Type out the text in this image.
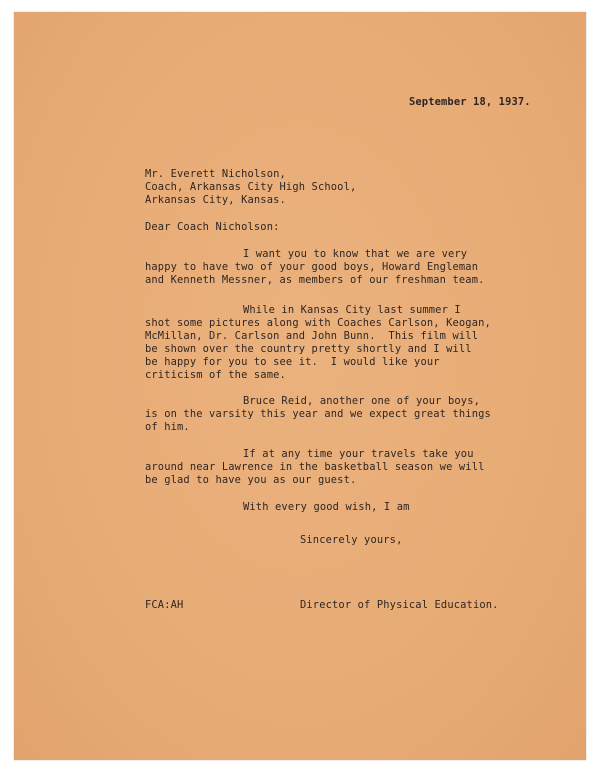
September 18, 1937.
Mr. Everett Nicholson,
Coach, Arkansas City High School,
Arkansas City, Kansas.
Dear Coach Nicholson:
I want you to know that we are very
happy to have two of your good boys, Howard Engleman
and Kenneth Messner, as members of our freshman team.
While in Kansas City last summer I
shot some pictures along with Coaches Carlson, Keogan,
McMillan, Dr. Carlson and John Bunn.  This film will
be shown over the country pretty shortly and I will
be happy for you to see it.  I would like your
criticism of the same.
Bruce Reid, another one of your boys,
is on the varsity this year and we expect great things
of him.
If at any time your travels take you
around near Lawrence in the basketball season we will
be glad to have you as our guest.
With every good wish, I am
Sincerely yours,
FCA:AH	Director of Physical Education.
